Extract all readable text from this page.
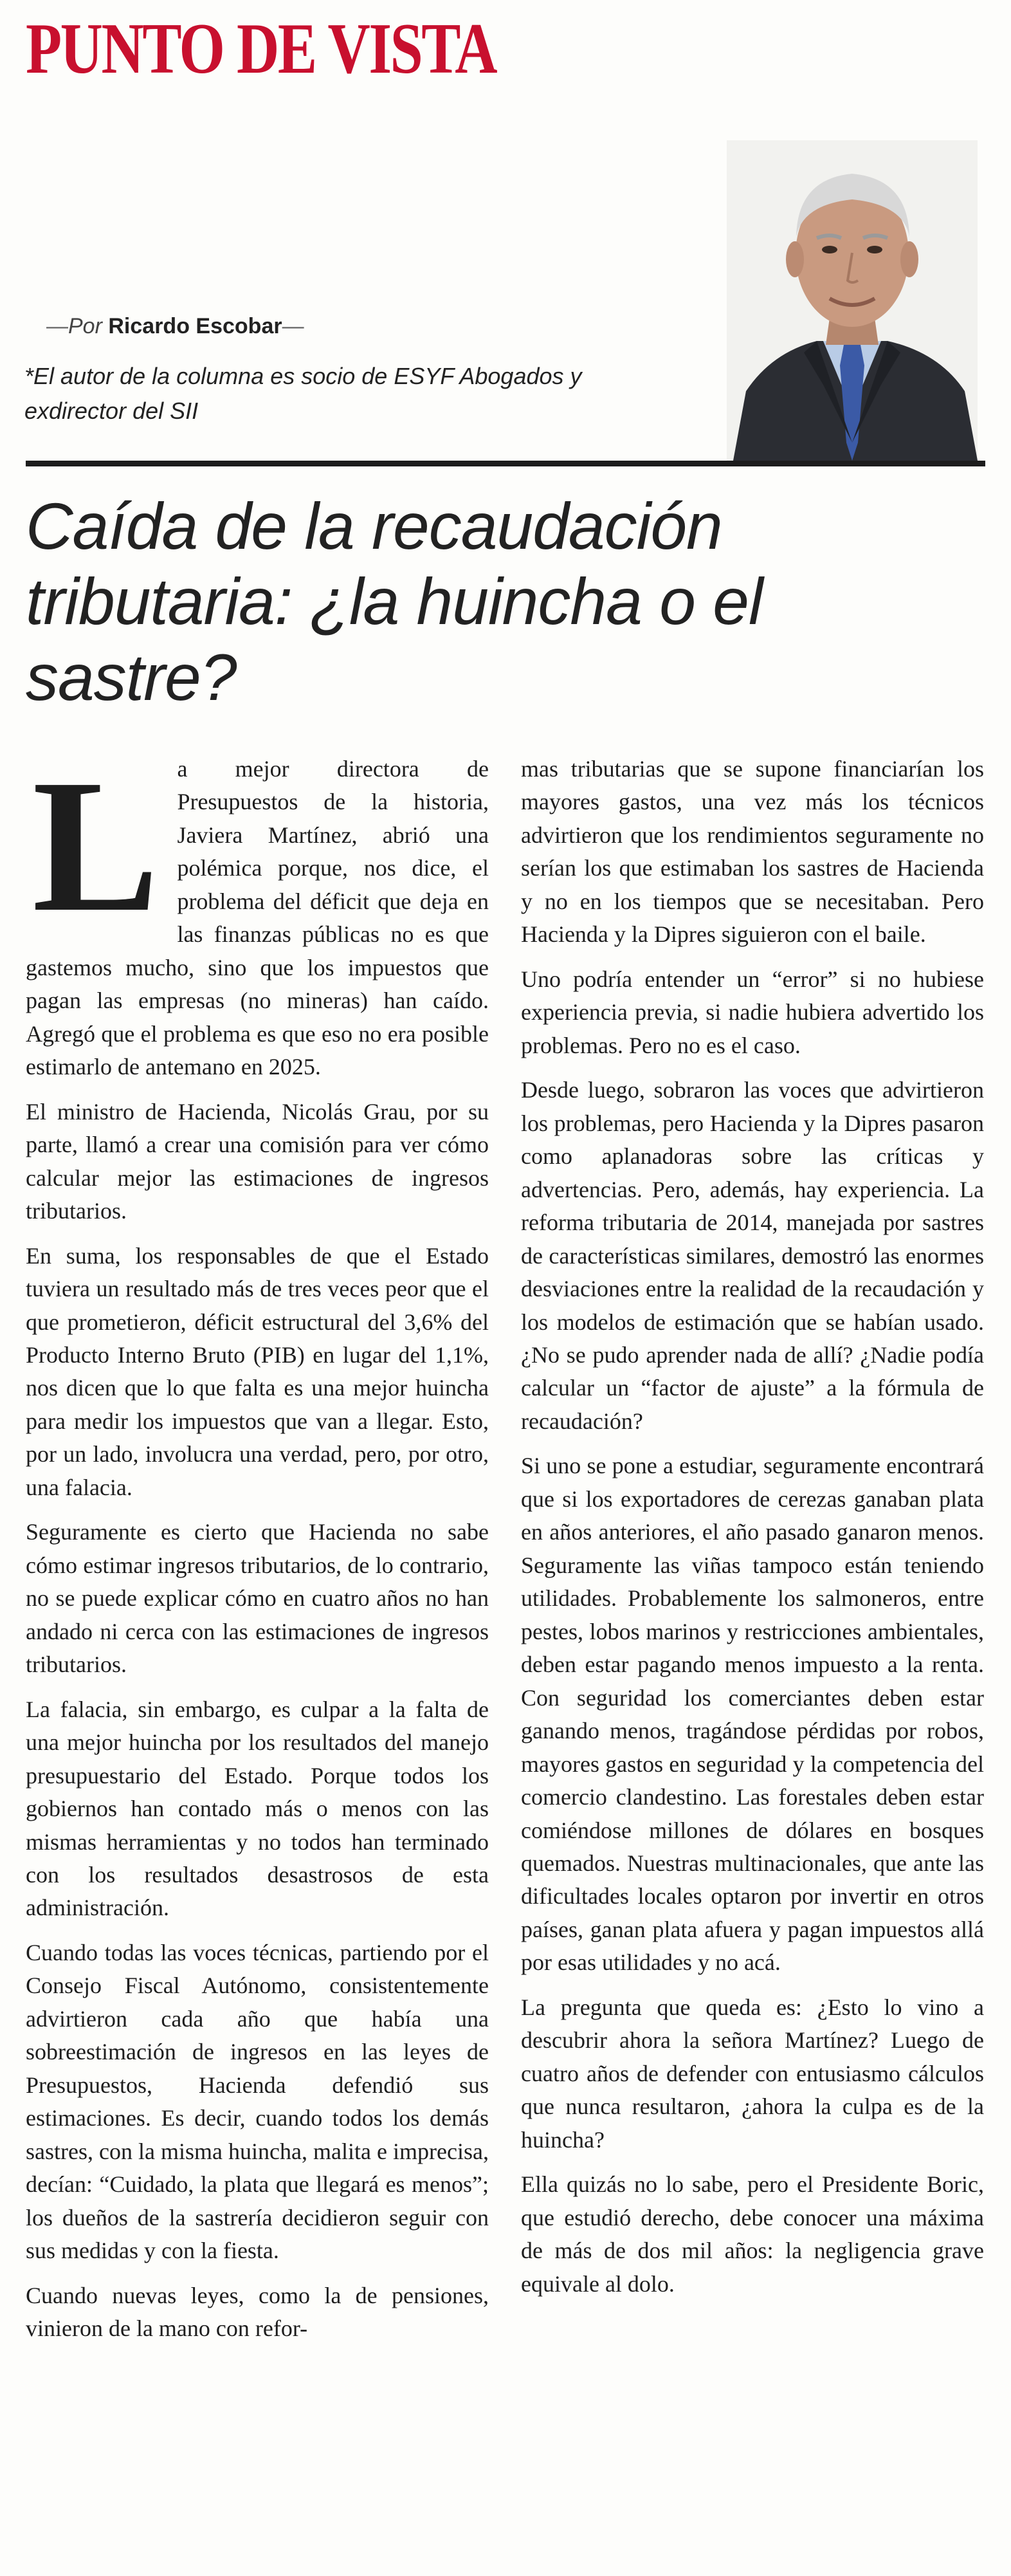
PUNTO DE VISTA
—Por Ricardo Escobar—
*El autor de la columna es socio de ESYF Abogados y exdirector del SII
Caída de la recaudación tributaria: ¿la huincha o el sastre?

La mejor directora de Presupuestos de la historia, Javiera Martínez, abrió una polémica porque, nos dice, el problema del déficit que deja en las finanzas públicas no es que gastemos mucho, sino que los impuestos que pagan las empresas (no mineras) han caído. Agregó que el problema es que eso no era posible estimarlo de antemano en 2025.

El ministro de Hacienda, Nicolás Grau, por su parte, llamó a crear una comisión para ver cómo calcular mejor las estimaciones de ingresos tributarios.

En suma, los responsables de que el Estado tuviera un resultado más de tres veces peor que el que prometieron, déficit estructural del 3,6% del Producto Interno Bruto (PIB) en lugar del 1,1%, nos dicen que lo que falta es una mejor huincha para medir los impuestos que van a llegar. Esto, por un lado, involucra una verdad, pero, por otro, una falacia.

Seguramente es cierto que Hacienda no sabe cómo estimar ingresos tributarios, de lo contrario, no se puede explicar cómo en cuatro años no han andado ni cerca con las estimaciones de ingresos tributarios.

La falacia, sin embargo, es culpar a la falta de una mejor huincha por los resultados del manejo presupuestario del Estado. Porque todos los gobiernos han contado más o menos con las mismas herramientas y no todos han terminado con los resultados desastrosos de esta administración.

Cuando todas las voces técnicas, partiendo por el Consejo Fiscal Autónomo, consistentemente advirtieron cada año que había una sobreestimación de ingresos en las leyes de Presupuestos, Hacienda defendió sus estimaciones. Es decir, cuando todos los demás sastres, con la misma huincha, malita e imprecisa, decían: “Cuidado, la plata que llegará es menos”; los dueños de la sastrería decidieron seguir con sus medidas y con la fiesta.

Cuando nuevas leyes, como la de pensiones, vinieron de la mano con refor-

mas tributarias que se supone financiarían los mayores gastos, una vez más los técnicos advirtieron que los rendimientos seguramente no serían los que estimaban los sastres de Hacienda y no en los tiempos que se necesitaban. Pero Hacienda y la Dipres siguieron con el baile.

Uno podría entender un “error” si no hubiese experiencia previa, si nadie hubiera advertido los problemas. Pero no es el caso.

Desde luego, sobraron las voces que advirtieron los problemas, pero Hacienda y la Dipres pasaron como aplanadoras sobre las críticas y advertencias. Pero, además, hay experiencia. La reforma tributaria de 2014, manejada por sastres de características similares, demostró las enormes desviaciones entre la realidad de la recaudación y los modelos de estimación que se habían usado. ¿No se pudo aprender nada de allí? ¿Nadie podía calcular un “factor de ajuste” a la fórmula de recaudación?

Si uno se pone a estudiar, seguramente encontrará que si los exportadores de cerezas ganaban plata en años anteriores, el año pasado ganaron menos. Seguramente las viñas tampoco están teniendo utilidades. Probablemente los salmoneros, entre pestes, lobos marinos y restricciones ambientales, deben estar pagando menos impuesto a la renta. Con seguridad los comerciantes deben estar ganando menos, tragándose pérdidas por robos, mayores gastos en seguridad y la competencia del comercio clandestino. Las forestales deben estar comiéndose millones de dólares en bosques quemados. Nuestras multinacionales, que ante las dificultades locales optaron por invertir en otros países, ganan plata afuera y pagan impuestos allá por esas utilidades y no acá.

La pregunta que queda es: ¿Esto lo vino a descubrir ahora la señora Martínez? Luego de cuatro años de defender con entusiasmo cálculos que nunca resultaron, ¿ahora la culpa es de la huincha?

Ella quizás no lo sabe, pero el Presidente Boric, que estudió derecho, debe conocer una máxima de más de dos mil años: la negligencia grave equivale al dolo.
